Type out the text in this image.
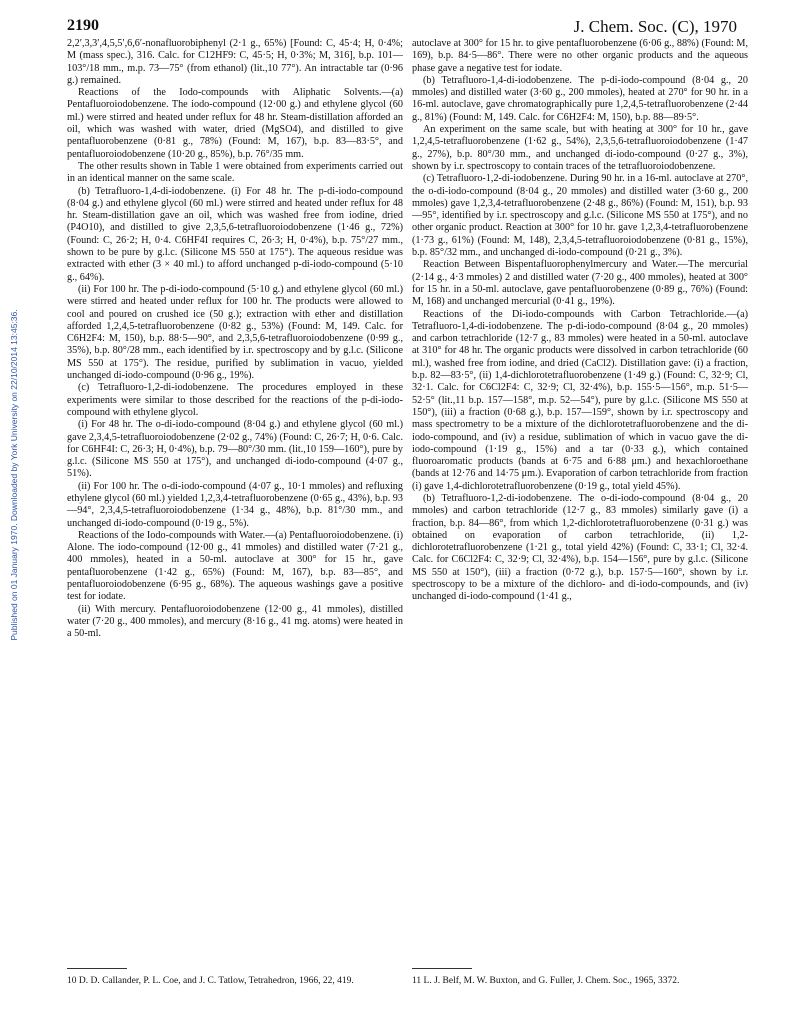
2190	J. Chem. Soc. (C), 1970
Published on 01 January 1970. Downloaded by York University on 22/10/2014 13:45:36.

2,2′,3,3′,4,5,5′,6,6′-nonafluorobiphenyl (2·1 g., 65%) [Found: C, 45·4; H, 0·4%; M (mass spec.), 316. Calc. for C12HF9: C, 45·5; H, 0·3%; M, 316], b.p. 101—103°/18 mm., m.p. 73—75° (from ethanol) (lit.,10 77°). An intractable tar (0·96 g.) remained.

Reactions of the Iodo-compounds with Aliphatic Solvents.—(a) Pentafluoroiodobenzene. The iodo-compound (12·00 g.) and ethylene glycol (60 ml.) were stirred and heated under reflux for 48 hr. Steam-distillation afforded an oil, which was washed with water, dried (MgSO4), and distilled to give pentafluorobenzene (0·81 g., 78%) (Found: M, 167), b.p. 83—83·5°, and pentafluoroiodobenzene (10·20 g., 85%), b.p. 76°/35 mm.

The other results shown in Table 1 were obtained from experiments carried out in an identical manner on the same scale.

(b) Tetrafluoro-1,4-di-iodobenzene. (i) For 48 hr. The p-di-iodo-compound (8·04 g.) and ethylene glycol (60 ml.) were stirred and heated under reflux for 48 hr. Steam-distillation gave an oil, which was washed free from iodine, dried (P4O10), and distilled to give 2,3,5,6-tetrafluoroiodobenzene (1·46 g., 72%) (Found: C, 26·2; H, 0·4. C6HF4I requires C, 26·3; H, 0·4%), b.p. 75°/27 mm., shown to be pure by g.l.c. (Silicone MS 550 at 175°). The aqueous residue was extracted with ether (3 × 40 ml.) to afford unchanged p-di-iodo-compound (5·10 g., 64%).

(ii) For 100 hr. The p-di-iodo-compound (5·10 g.) and ethylene glycol (60 ml.) were stirred and heated under reflux for 100 hr. The products were allowed to cool and poured on crushed ice (50 g.); extraction with ether and distillation afforded 1,2,4,5-tetrafluorobenzene (0·82 g., 53%) (Found: M, 149. Calc. for C6H2F4: M, 150), b.p. 88·5—90°, and 2,3,5,6-tetrafluoroiodobenzene (0·99 g., 35%), b.p. 80°/28 mm., each identified by i.r. spectroscopy and by g.l.c. (Silicone MS 550 at 175°). The residue, purified by sublimation in vacuo, yielded unchanged di-iodo-compound (0·96 g., 19%).

(c) Tetrafluoro-1,2-di-iodobenzene. The procedures employed in these experiments were similar to those described for the reactions of the p-di-iodo-compound with ethylene glycol.

(i) For 48 hr. The o-di-iodo-compound (8·04 g.) and ethylene glycol (60 ml.) gave 2,3,4,5-tetrafluoroiodobenzene (2·02 g., 74%) (Found: C, 26·7; H, 0·6. Calc. for C6HF4I: C, 26·3; H, 0·4%), b.p. 79—80°/30 mm. (lit.,10 159—160°), pure by g.l.c. (Silicone MS 550 at 175°), and unchanged di-iodo-compound (4·07 g., 51%).

(ii) For 100 hr. The o-di-iodo-compound (4·07 g., 10·1 mmoles) and refluxing ethylene glycol (60 ml.) yielded 1,2,3,4-tetrafluorobenzene (0·65 g., 43%), b.p. 93—94°, 2,3,4,5-tetrafluoroiodobenzene (1·34 g., 48%), b.p. 81°/30 mm., and unchanged di-iodo-compound (0·19 g., 5%).

Reactions of the Iodo-compounds with Water.—(a) Pentafluoroiodobenzene. (i) Alone. The iodo-compound (12·00 g., 41 mmoles) and distilled water (7·21 g., 400 mmoles), heated in a 50-ml. autoclave at 300° for 15 hr., gave pentafluorobenzene (1·42 g., 65%) (Found: M, 167), b.p. 83—85°, and pentafluoroiodobenzene (6·95 g., 68%). The aqueous washings gave a positive test for iodate.

(ii) With mercury. Pentafluoroiodobenzene (12·00 g., 41 mmoles), distilled water (7·20 g., 400 mmoles), and mercury (8·16 g., 41 mg. atoms) were heated in a 50-ml.

autoclave at 300° for 15 hr. to give pentafluorobenzene (6·06 g., 88%) (Found: M, 169), b.p. 84·5—86°. There were no other organic products and the aqueous phase gave a negative test for iodate.

(b) Tetrafluoro-1,4-di-iodobenzene. The p-di-iodo-compound (8·04 g., 20 mmoles) and distilled water (3·60 g., 200 mmoles), heated at 270° for 90 hr. in a 16-ml. autoclave, gave chromatographically pure 1,2,4,5-tetrafluorobenzene (2·44 g., 81%) (Found: M, 149. Calc. for C6H2F4: M, 150), b.p. 88—89·5°.

An experiment on the same scale, but with heating at 300° for 10 hr., gave 1,2,4,5-tetrafluorobenzene (1·62 g., 54%), 2,3,5,6-tetrafluoroiodobenzene (1·47 g., 27%), b.p. 80°/30 mm., and unchanged di-iodo-compound (0·27 g., 3%), shown by i.r. spectroscopy to contain traces of the tetrafluoroiodobenzene.

(c) Tetrafluoro-1,2-di-iodobenzene. During 90 hr. in a 16-ml. autoclave at 270°, the o-di-iodo-compound (8·04 g., 20 mmoles) and distilled water (3·60 g., 200 mmoles) gave 1,2,3,4-tetrafluorobenzene (2·48 g., 86%) (Found: M, 151), b.p. 93—95°, identified by i.r. spectroscopy and g.l.c. (Silicone MS 550 at 175°), and no other organic product. Reaction at 300° for 10 hr. gave 1,2,3,4-tetrafluorobenzene (1·73 g., 61%) (Found: M, 148), 2,3,4,5-tetrafluoroiodobenzene (0·81 g., 15%), b.p. 85°/32 mm., and unchanged di-iodo-compound (0·21 g., 3%).

Reaction Between Bispentafluorophenylmercury and Water.—The mercurial (2·14 g., 4·3 mmoles) 2 and distilled water (7·20 g., 400 mmoles), heated at 300° for 15 hr. in a 50-ml. autoclave, gave pentafluorobenzene (0·89 g., 76%) (Found: M, 168) and unchanged mercurial (0·41 g., 19%).

Reactions of the Di-iodo-compounds with Carbon Tetrachloride.—(a) Tetrafluoro-1,4-di-iodobenzene. The p-di-iodo-compound (8·04 g., 20 mmoles) and carbon tetrachloride (12·7 g., 83 mmoles) were heated in a 50-ml. autoclave at 310° for 48 hr. The organic products were dissolved in carbon tetrachloride (60 ml.), washed free from iodine, and dried (CaCl2). Distillation gave: (i) a fraction, b.p. 82—83·5°, (ii) 1,4-dichlorotetrafluorobenzene (1·49 g.) (Found: C, 32·9; Cl, 32·1. Calc. for C6Cl2F4: C, 32·9; Cl, 32·4%), b.p. 155·5—156°, m.p. 51·5—52·5° (lit.,11 b.p. 157—158°, m.p. 52—54°), pure by g.l.c. (Silicone MS 550 at 150°), (iii) a fraction (0·68 g.), b.p. 157—159°, shown by i.r. spectroscopy and mass spectrometry to be a mixture of the dichlorotetrafluorobenzene and the di-iodo-compound, and (iv) a residue, sublimation of which in vacuo gave the di-iodo-compound (1·19 g., 15%) and a tar (0·33 g.), which contained fluoroaromatic products (bands at 6·75 and 6·88 μm.) and hexachloroethane (bands at 12·76 and 14·75 μm.). Evaporation of carbon tetrachloride from fraction (i) gave 1,4-dichlorotetrafluorobenzene (0·19 g., total yield 45%).

(b) Tetrafluoro-1,2-di-iodobenzene. The o-di-iodo-compound (8·04 g., 20 mmoles) and carbon tetrachloride (12·7 g., 83 mmoles) similarly gave (i) a fraction, b.p. 84—86°, from which 1,2-dichlorotetrafluorobenzene (0·31 g.) was obtained on evaporation of carbon tetrachloride, (ii) 1,2-dichlorotetrafluorobenzene (1·21 g., total yield 42%) (Found: C, 33·1; Cl, 32·4. Calc. for C6Cl2F4: C, 32·9; Cl, 32·4%), b.p. 154—156°, pure by g.l.c. (Silicone MS 550 at 150°), (iii) a fraction (0·72 g.), b.p. 157·5—160°, shown by i.r. spectroscopy to be a mixture of the dichloro- and di-iodo-compounds, and (iv) unchanged di-iodo-compound (1·41 g.,

10 D. D. Callander, P. L. Coe, and J. C. Tatlow, Tetrahedron, 1966, 22, 419.	11 L. J. Belf, M. W. Buxton, and G. Fuller, J. Chem. Soc., 1965, 3372.
